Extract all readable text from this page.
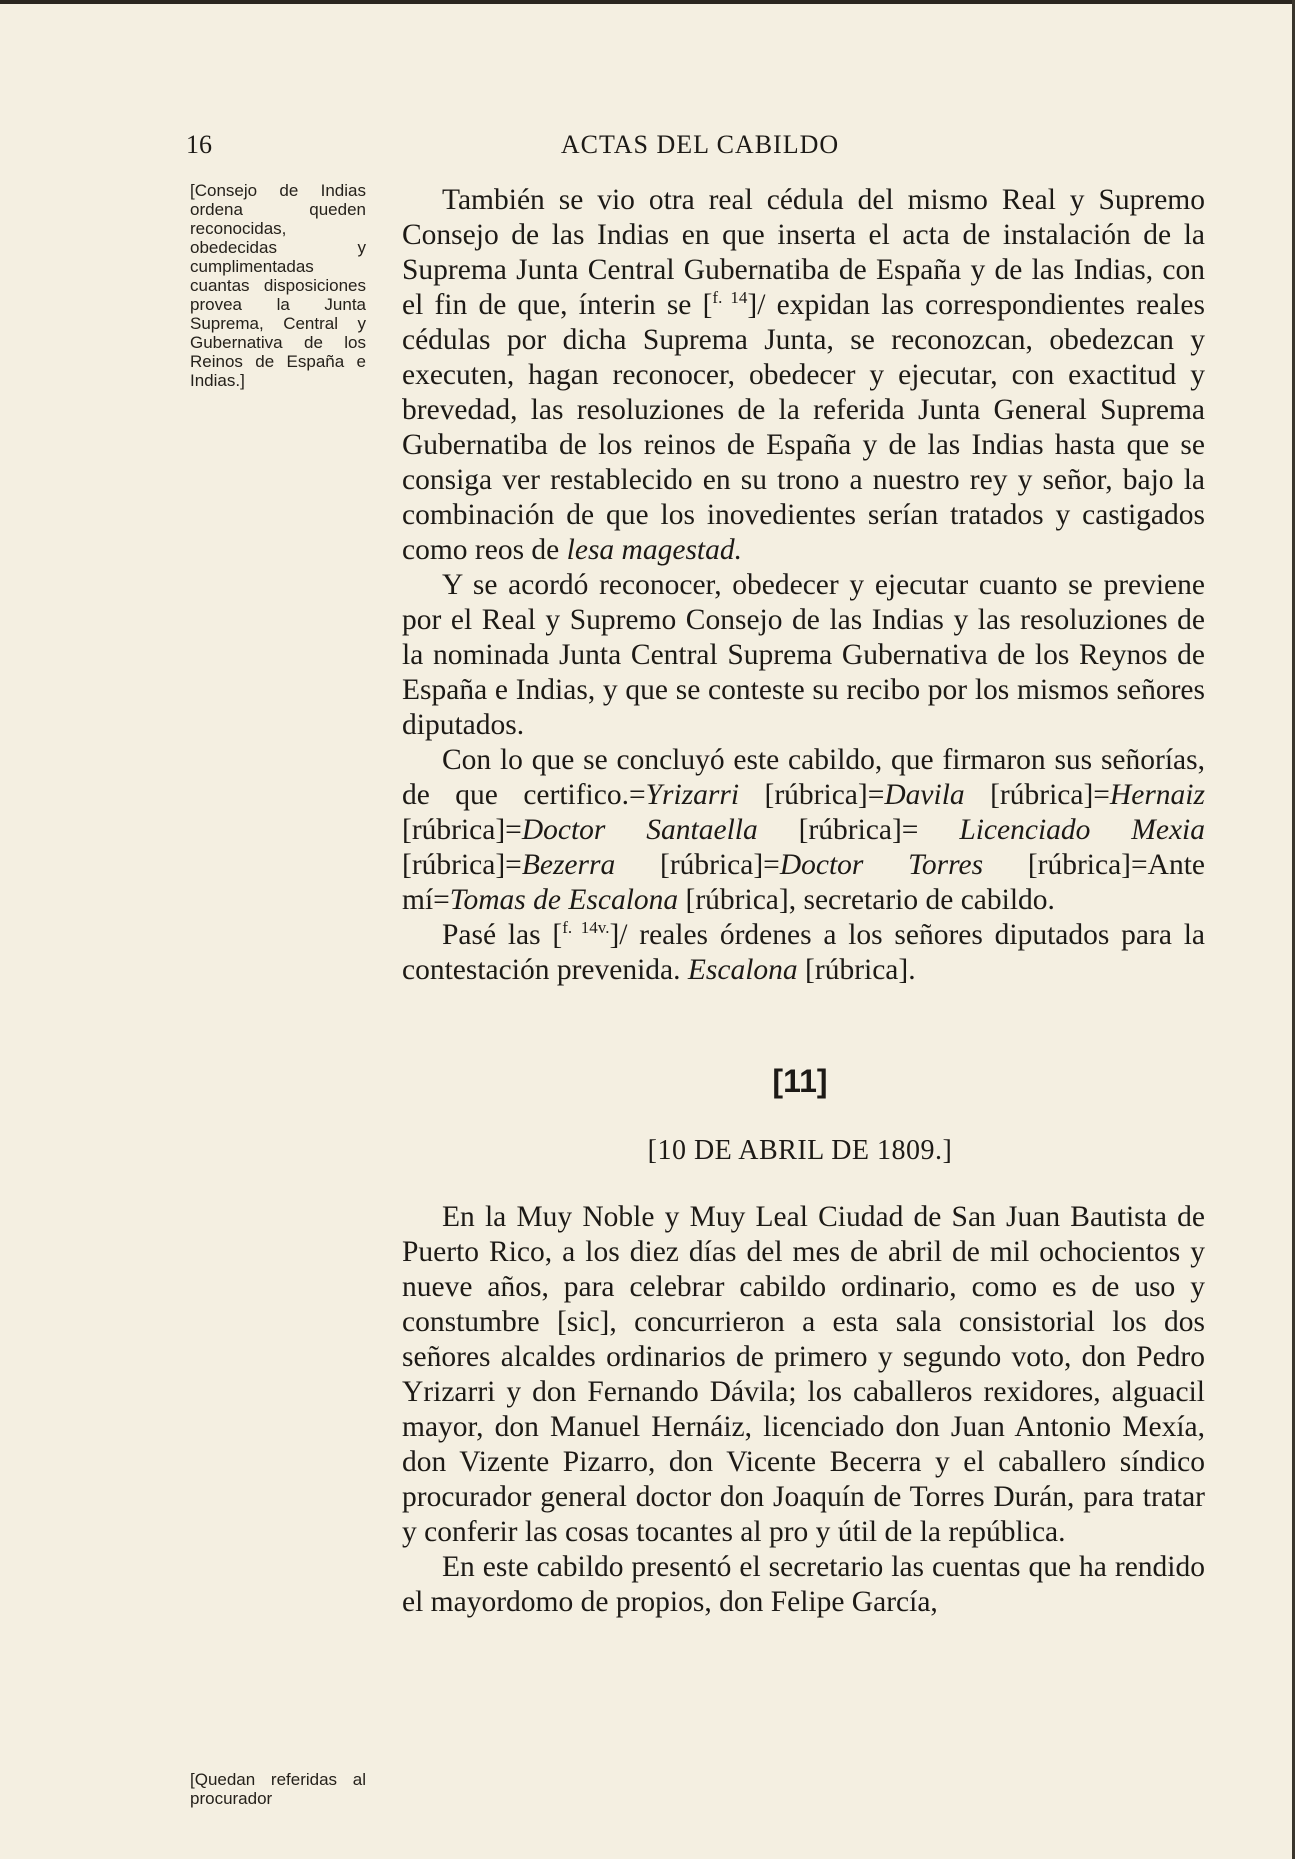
16	ACTAS DEL CABILDO
[Consejo de Indias ordena queden reconocidas, obedecidas y cumplimentadas cuantas disposiciones provea la Junta Suprema, Central y Gubernativa de los Reinos de España e Indias.]

También se vio otra real cédula del mismo Real y Supremo Consejo de las Indias en que inserta el acta de instalación de la Suprema Junta Central Gubernatiba de España y de las Indias, con el fin de que, ínterin se [$^{f. 14}$]/ expidan las correspondientes reales cédulas por dicha Suprema Junta, se reconozcan, obedezcan y executen, hagan reconocer, obedecer y ejecutar, con exactitud y brevedad, las resoluziones de la referida Junta General Suprema Gubernatiba de los reinos de España y de las Indias hasta que se consiga ver restablecido en su trono a nuestro rey y señor, bajo la combinación de que los inovedientes serían tratados y castigados como reos de lesa magestad.

Y se acordó reconocer, obedecer y ejecutar cuanto se previene por el Real y Supremo Consejo de las Indias y las resoluziones de la nominada Junta Central Suprema Gubernativa de los Reynos de España e Indias, y que se conteste su recibo por los mismos señores diputados.

Con lo que se concluyó este cabildo, que firmaron sus señorías, de que certifico.=Yrizarri [rúbrica]=Davila [rúbrica]=Hernaiz [rúbrica]=Doctor Santaella [rúbrica]= Licenciado Mexia [rúbrica]=Bezerra [rúbrica]=Doctor Torres [rúbrica]=Ante mí=Tomas de Escalona [rúbrica], secretario de cabildo.

Pasé las [$^{f. 14v.}$]/ reales órdenes a los señores diputados para la contestación prevenida. Escalona [rúbrica].

[11]
[10 DE ABRIL DE 1809.]

En la Muy Noble y Muy Leal Ciudad de San Juan Bautista de Puerto Rico, a los diez días del mes de abril de mil ochocientos y nueve años, para celebrar cabildo ordinario, como es de uso y constumbre [sic], concurrieron a esta sala consistorial los dos señores alcaldes ordinarios de primero y segundo voto, don Pedro Yrizarri y don Fernando Dávila; los caballeros rexidores, alguacil mayor, don Manuel Hernáiz, licenciado don Juan Antonio Mexía, don Vizente Pizarro, don Vicente Becerra y el caballero síndico procurador general doctor don Joaquín de Torres Durán, para tratar y conferir las cosas tocantes al pro y útil de la república.

En este cabildo presentó el secretario las cuentas que ha rendido el mayordomo de propios, don Felipe García,

[Quedan referidas al procurador
